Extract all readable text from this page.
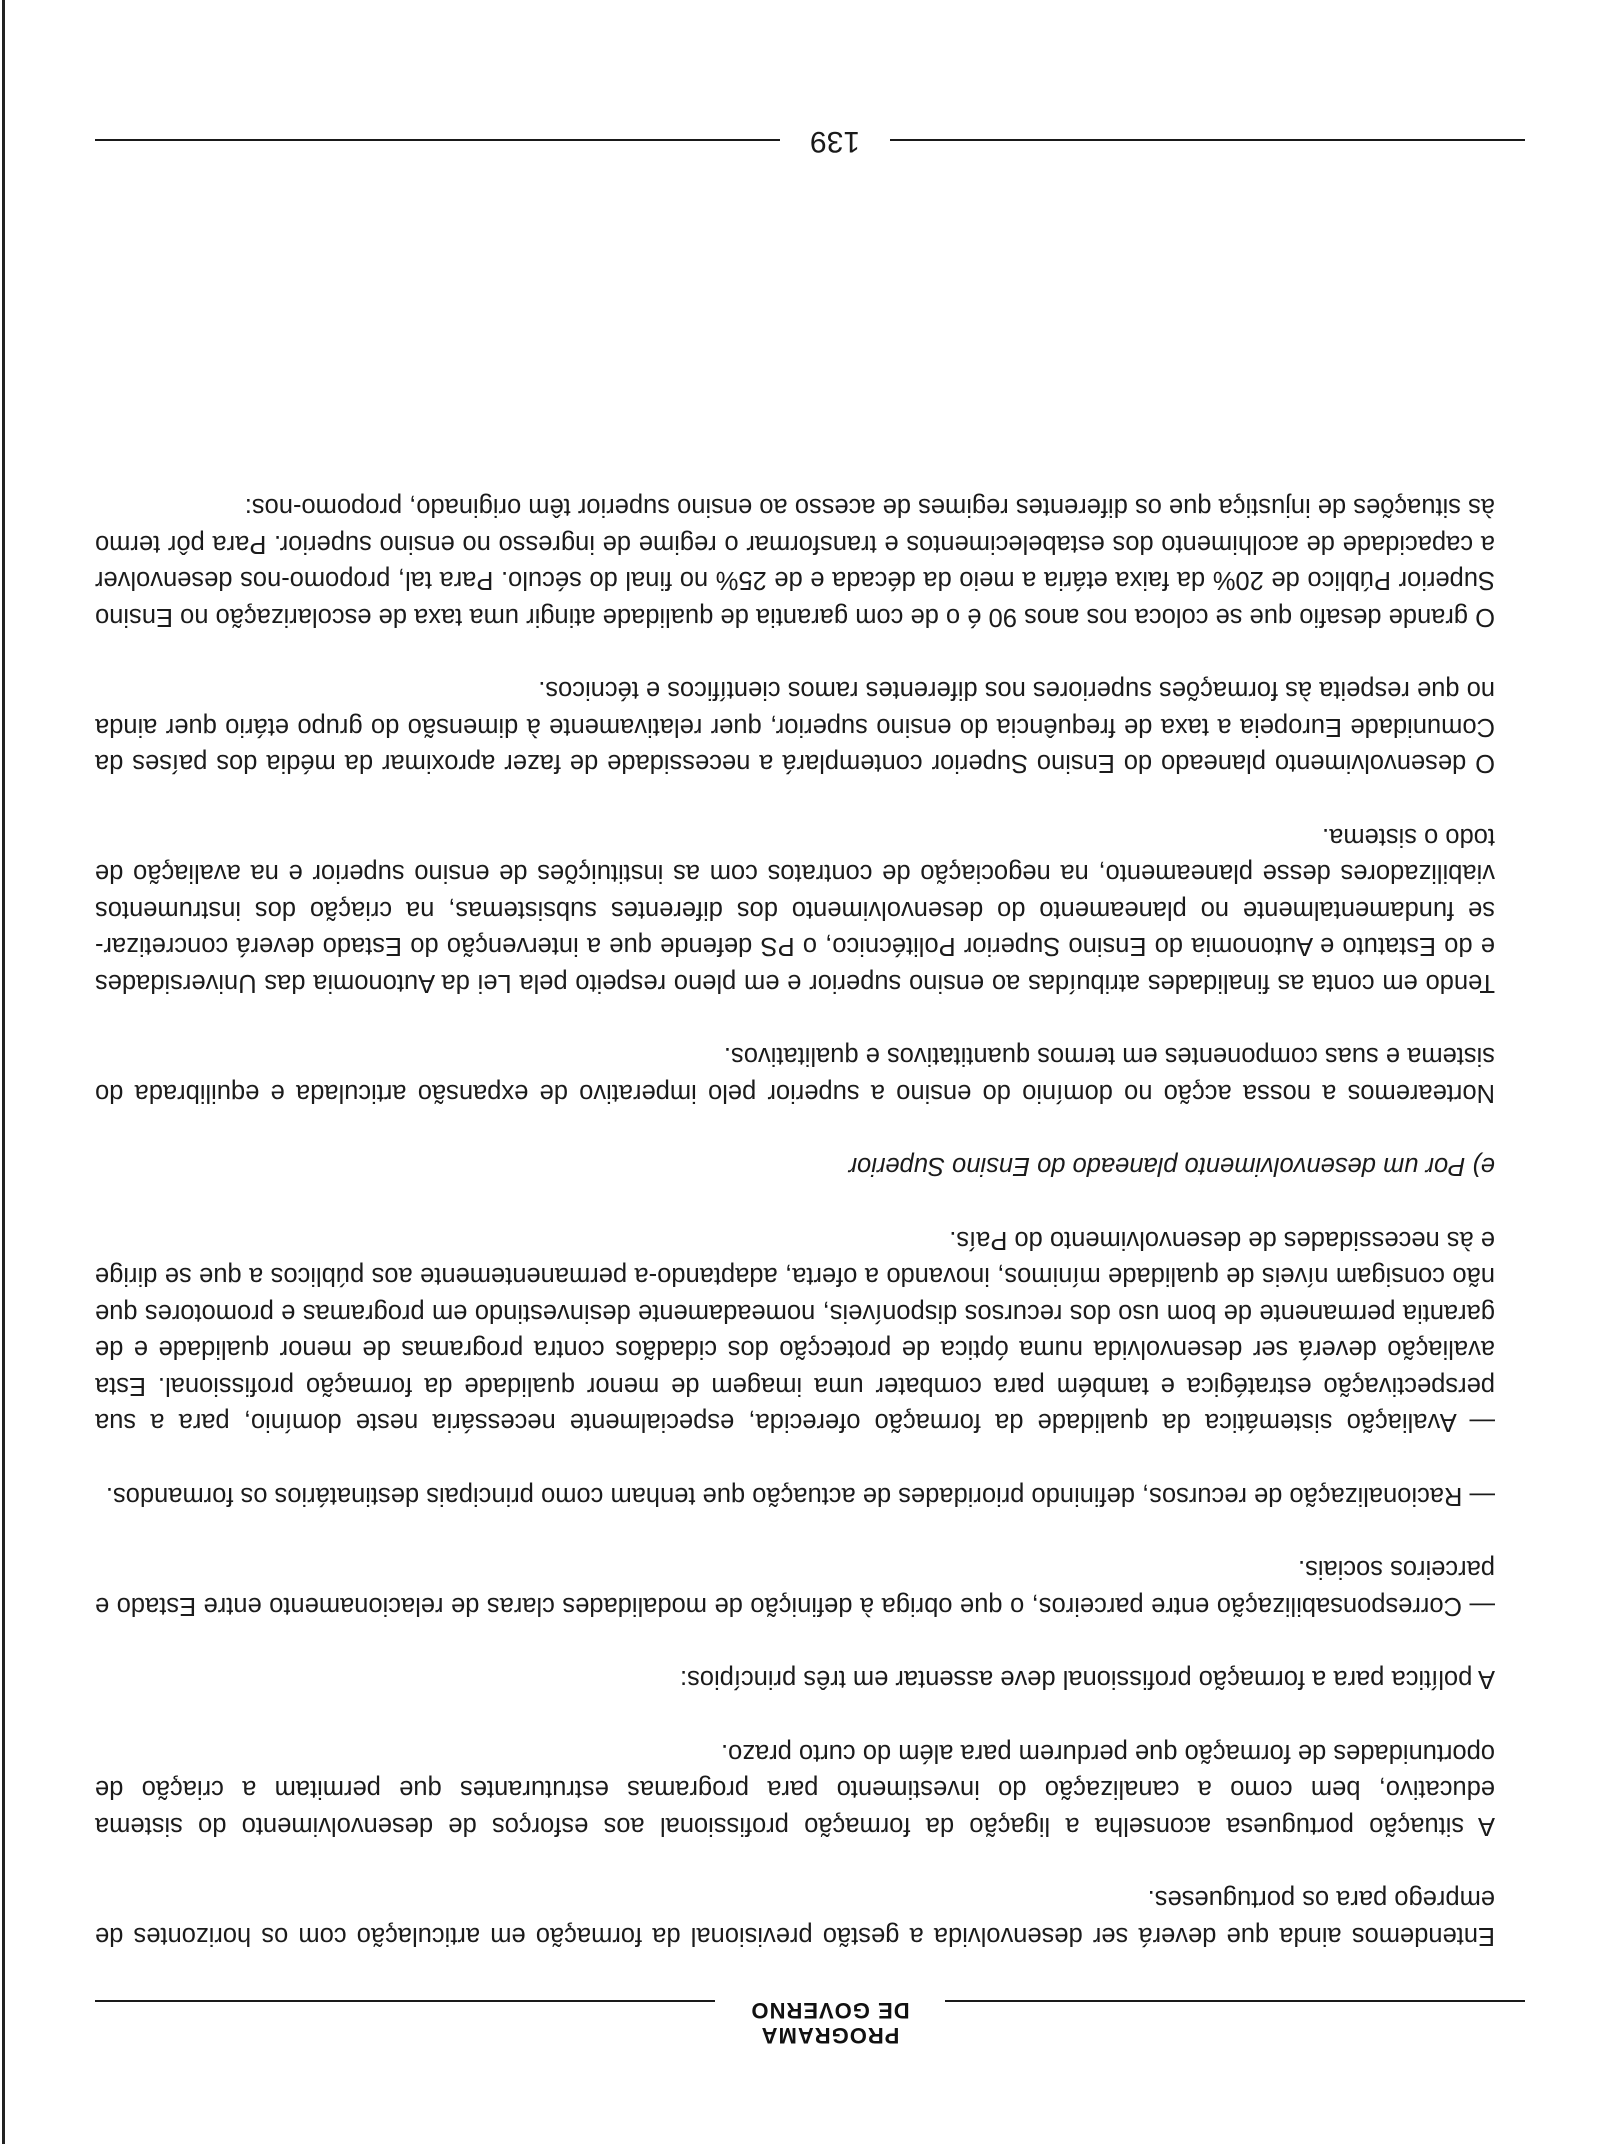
PROGRAMA
DE GOVERNO

Entendemos ainda que deverá ser desenvolvida a gestão previsional da formação em articulação com os horizontes de emprego para os portugueses.

A situação portuguesa aconselha a ligação da formação profissional aos esforços de desenvolvimento do sistema educativo, bem como a canalização do investimento para programas estruturantes que permitam a criação de oportunidades de formação que perdurem para além do curto prazo.

A política para a formação profissional deve assentar em três princípios:

— Corresponsabilização entre parceiros, o que obriga à definição de modalidades claras de relacionamento entre Estado e parceiros sociais.

— Racionalização de recursos, definindo prioridades de actuação que tenham como principais destinatários os formandos.

— Avaliação sistemática da qualidade da formação oferecida, especialmente necessária neste domínio, para a sua perspectivação estratégica e também para combater uma imagem de menor qualidade da formação profissional. Esta avaliação deverá ser desenvolvida numa óptica de protecção dos cidadãos contra programas de menor qualidade e de garantia permanente de bom uso dos recursos disponíveis, nomeadamente desinvestindo em programas e promotores que não consigam níveis de qualidade mínimos, inovando a oferta, adaptando-a permanentemente aos públicos a que se dirige e às necessidades de desenvolvimento do País.

e) Por um desenvolvimento planeado do Ensino Superior

Nortearemos a nossa acção no domínio do ensino a superior pelo imperativo de expansão articulada e equilibrada do sistema e suas componentes em termos quantitativos e qualitativos.

Tendo em conta as finalidades atribuídas ao ensino superior e em pleno respeito pela Lei da Autonomia das Universidades e do Estatuto e Autonomia do Ensino Superior Politécnico, o PS defende que a intervenção do Estado deverá concretizar-se fundamentalmente no planeamento do desenvolvimento dos diferentes subsistemas, na criação dos instrumentos viabilizadores desse planeamento, na negociação de contratos com as instituições de ensino superior e na avaliação de todo o sistema.

O desenvolvimento planeado do Ensino Superior contemplará a necessidade de fazer aproximar da média dos países da Comunidade Europeia a taxa de frequência do ensino superior, quer relativamente à dimensão do grupo etário quer ainda no que respeita às formações superiores nos diferentes ramos científicos e técnicos.

O grande desafio que se coloca nos anos 90 é o de com garantia de qualidade atingir uma taxa de escolarização no Ensino Superior Público de 20% da faixa etária a meio da década e de 25% no final do século. Para tal, propomo-nos desenvolver a capacidade de acolhimento dos estabelecimentos e transformar o regime de ingresso no ensino superior. Para pôr termo às situações de injustiça que os diferentes regimes de acesso ao ensino superior têm originado, propomo-nos:

139
